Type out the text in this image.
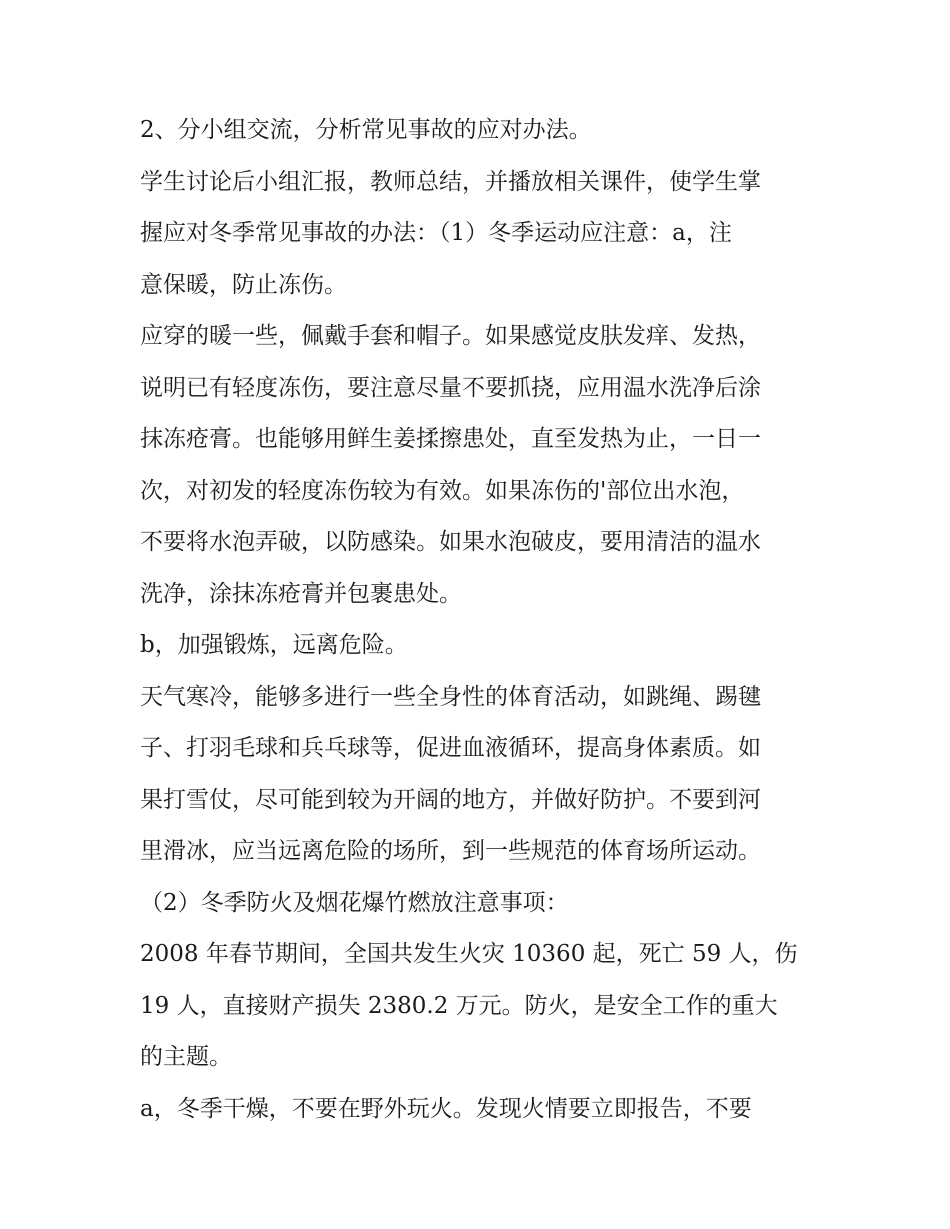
2、分小组交流，分析常见事故的应对办法。
学生讨论后小组汇报，教师总结，并播放相关课件，使学生掌
握应对冬季常见事故的办法：（1）冬季运动应注意：a，注
意保暖，防止冻伤。
应穿的暖一些，佩戴手套和帽子。如果感觉皮肤发痒、发热，
说明已有轻度冻伤，要注意尽量不要抓挠，应用温水洗净后涂
抹冻疮膏。也能够用鲜生姜揉擦患处，直至发热为止，一日一
次，对初发的轻度冻伤较为有效。如果冻伤的'部位出水泡，
不要将水泡弄破，以防感染。如果水泡破皮，要用清洁的温水
洗净，涂抹冻疮膏并包裹患处。
b，加强锻炼，远离危险。
天气寒冷，能够多进行一些全身性的体育活动，如跳绳、踢毽
子、打羽毛球和兵乓球等，促进血液循环，提高身体素质。如
果打雪仗，尽可能到较为开阔的地方，并做好防护。不要到河
里滑冰，应当远离危险的场所，到一些规范的体育场所运动。
（2）冬季防火及烟花爆竹燃放注意事项：
2008 年春节期间，全国共发生火灾 10360 起，死亡 59 人，伤
19 人，直接财产损失 2380.2 万元。防火，是安全工作的重大
的主题。
a，冬季干燥，不要在野外玩火。发现火情要立即报告，不要
